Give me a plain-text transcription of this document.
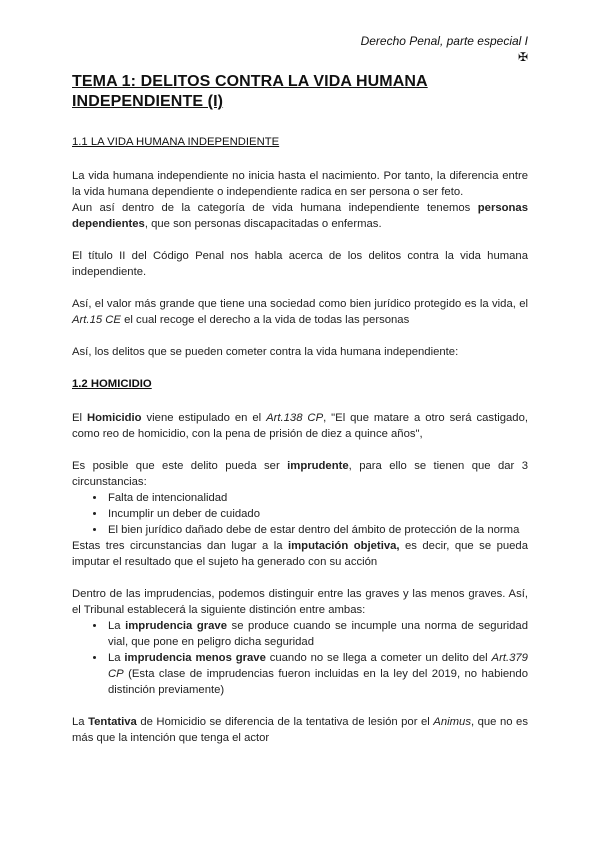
Derecho Penal, parte especial I
✠
TEMA 1: DELITOS CONTRA LA VIDA HUMANA INDEPENDIENTE (I)
1.1 LA VIDA HUMANA INDEPENDIENTE

La vida humana independiente no inicia hasta el nacimiento. Por tanto, la diferencia entre la vida humana dependiente o independiente radica en ser persona o ser feto.
Aun así dentro de la categoría de vida humana independiente tenemos personas dependientes, que son personas discapacitadas o enfermas.

El título II del Código Penal nos habla acerca de los delitos contra la vida humana independiente.

Así, el valor más grande que tiene una sociedad como bien jurídico protegido es la vida, el Art.15 CE el cual recoge el derecho a la vida de todas las personas

Así, los delitos que se pueden cometer contra la vida humana independiente:

1.2 HOMICIDIO

El Homicidio viene estipulado en el Art.138 CP, "El que matare a otro será castigado, como reo de homicidio, con la pena de prisión de diez a quince años",

Es posible que este delito pueda ser imprudente, para ello se tienen que dar 3 circunstancias:

• Falta de intencionalidad
• Incumplir un deber de cuidado
• El bien jurídico dañado debe de estar dentro del ámbito de protección de la norma

Estas tres circunstancias dan lugar a la imputación objetiva, es decir, que se pueda imputar el resultado que el sujeto ha generado con su acción

Dentro de las imprudencias, podemos distinguir entre las graves y las menos graves. Así, el Tribunal establecerá la siguiente distinción entre ambas:

• La imprudencia grave se produce cuando se incumple una norma de seguridad vial, que pone en peligro dicha seguridad
• La imprudencia menos grave cuando no se llega a cometer un delito del Art.379 CP (Esta clase de imprudencias fueron incluidas en la ley del 2019, no habiendo distinción previamente)

La Tentativa de Homicidio se diferencia de la tentativa de lesión por el Animus, que no es más que la intención que tenga el actor
